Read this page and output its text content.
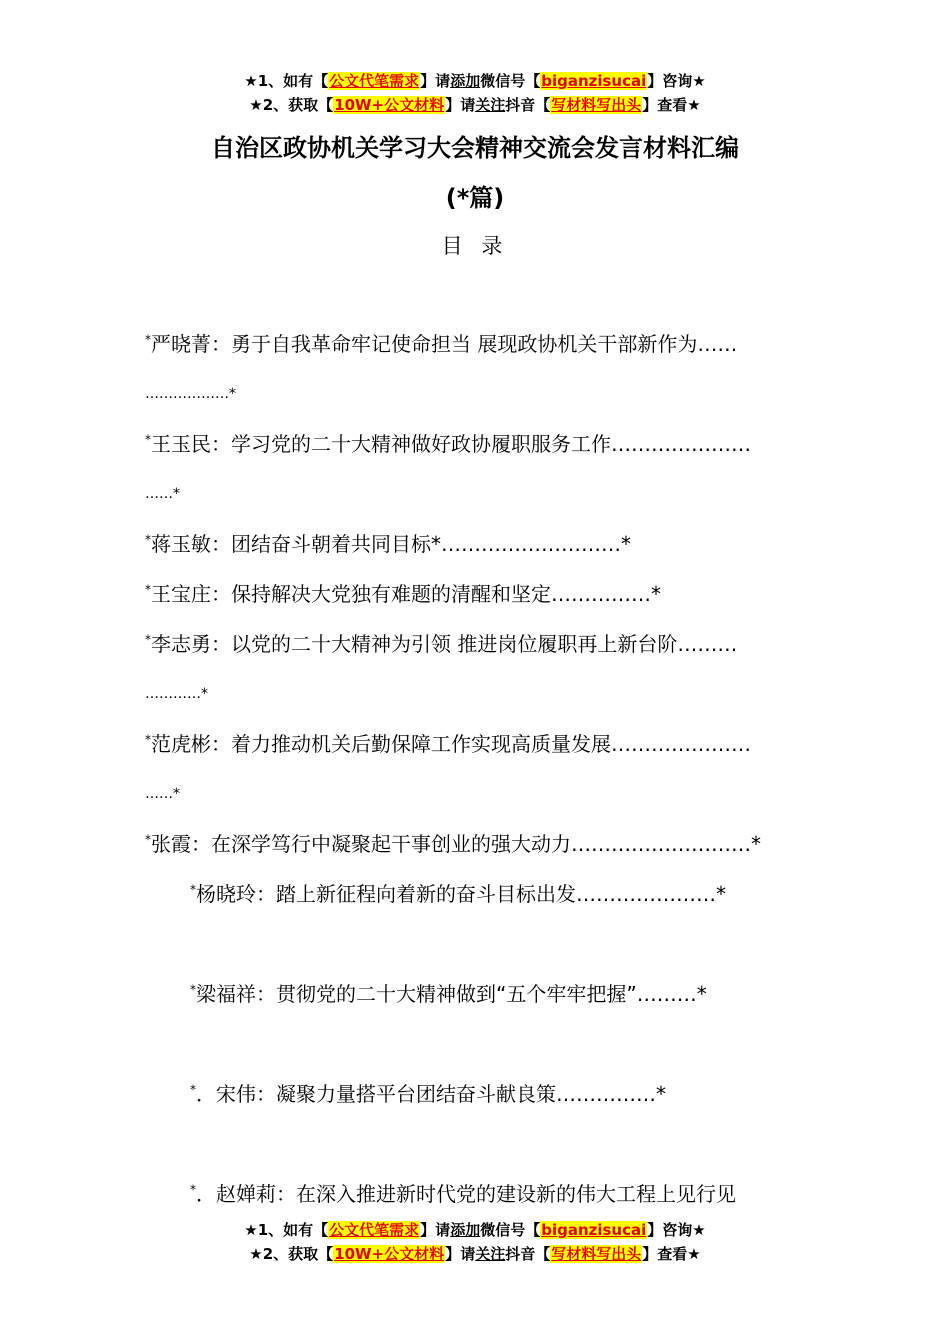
★1、如有【公文代笔需求】请添加微信号【biganzisucai】咨询★
★2、获取【10W+公文材料】请关注抖音【写材料写出头】查看★
自治区政协机关学习大会精神交流会发言材料汇编
(*篇)
目 录
*严晓菁：勇于自我革命牢记使命担当 展现政协机关干部新作为……
………………*
*王玉民：学习党的二十大精神做好政协履职服务工作…………………
……*
*蒋玉敏：团结奋斗朝着共同目标*………………………*
*王宝庄：保持解决大党独有难题的清醒和坚定……………*
*李志勇：以党的二十大精神为引领 推进岗位履职再上新台阶………
…………*
*范虎彬：着力推动机关后勤保障工作实现高质量发展…………………
……*
*张霞：在深学笃行中凝聚起干事创业的强大动力………………………*
*杨晓玲：踏上新征程向着新的奋斗目标出发…………………*
*梁福祥：贯彻党的二十大精神做到“五个牢牢把握”………*
*．宋伟：凝聚力量搭平台团结奋斗献良策……………*
*．赵婵莉：在深入推进新时代党的建设新的伟大工程上见行见
★1、如有【公文代笔需求】请添加微信号【biganzisucai】咨询★
★2、获取【10W+公文材料】请关注抖音【写材料写出头】查看★
